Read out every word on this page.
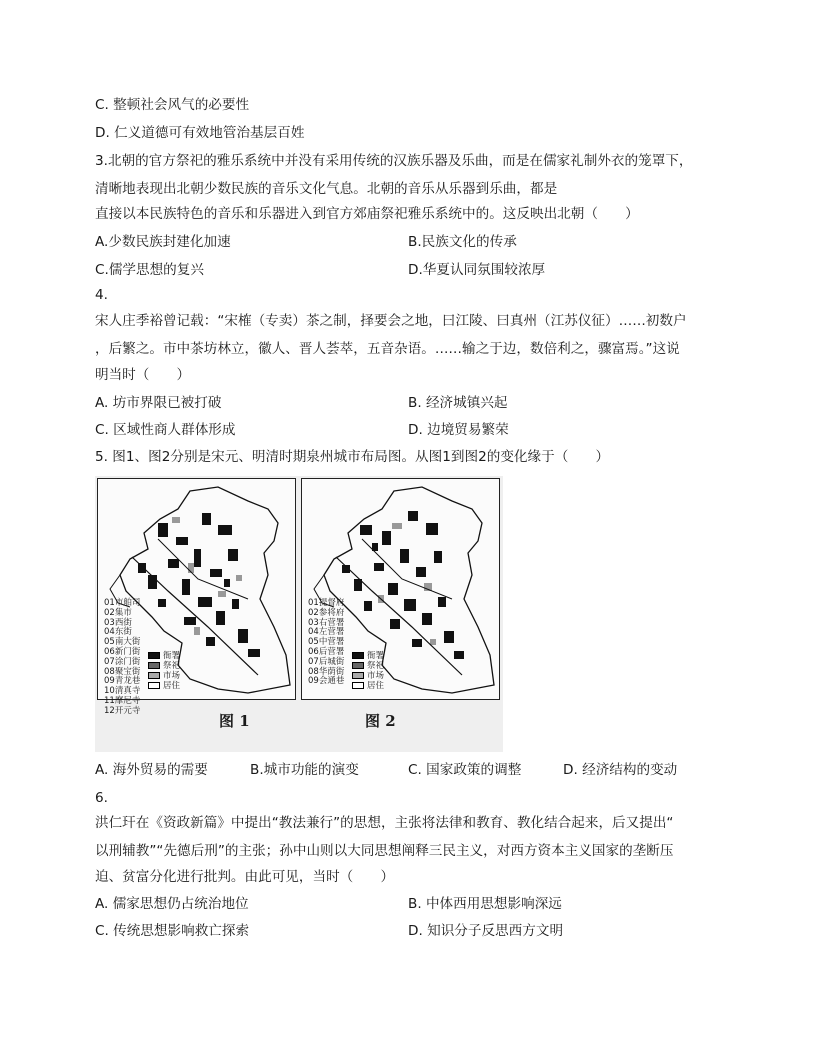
C. 整顿社会风气的必要性
D. 仁义道德可有效地管治基层百姓
3.北朝的官方祭祀的雅乐系统中并没有采用传统的汉族乐器及乐曲，而是在儒家礼制外衣的笼罩下，
清晰地表现出北朝少数民族的音乐文化气息。北朝的音乐从乐器到乐曲，都是
直接以本民族特色的音乐和乐器进入到官方郊庙祭祀雅乐系统中的。这反映出北朝（　　）
A.少数民族封建化加速	B.民族文化的传承
C.儒学思想的复兴	D.华夏认同氛围较浓厚
4.
宋人庄季裕曾记载：“宋榷（专卖）茶之制，择要会之地，曰江陵、曰真州（江苏仪征）……初数户
，后繁之。市中茶坊林立，徽人、晋人荟萃，五音杂语。……输之于边，数倍利之，骤富焉。”这说
明当时（　　）
A. 坊市界限已被打破	B. 经济城镇兴起
C. 区域性商人群体形成	D. 边境贸易繁荣
5. 图1、图2分别是宋元、明清时期泉州城市布局图。从图1到图2的变化缘于（　　）
01市舶司
02集市
03西街
04东街
05南大街
06新门街
07涂门街
08聚宝街
09青龙巷
10清真寺
11摩尼寺
12开元寺
衙署
祭祀
市场
居住
01提督府
02参将府
03右营署
04左营署
05中营署
06后营署
07后城街
08华荫街
09会通巷
衙署
祭祀
市场
居住
图 1	图 2
A. 海外贸易的需要	B.城市功能的演变	C. 国家政策的调整	D. 经济结构的变动
6.
洪仁玕在《资政新篇》中提出“教法兼行”的思想，主张将法律和教育、教化结合起来，后又提出“
以刑辅教”“先德后刑”的主张；孙中山则以大同思想阐释三民主义，对西方资本主义国家的垄断压
迫、贫富分化进行批判。由此可见，当时（　　）
A. 儒家思想仍占统治地位	B. 中体西用思想影响深远
C. 传统思想影响救亡探索	D. 知识分子反思西方文明
